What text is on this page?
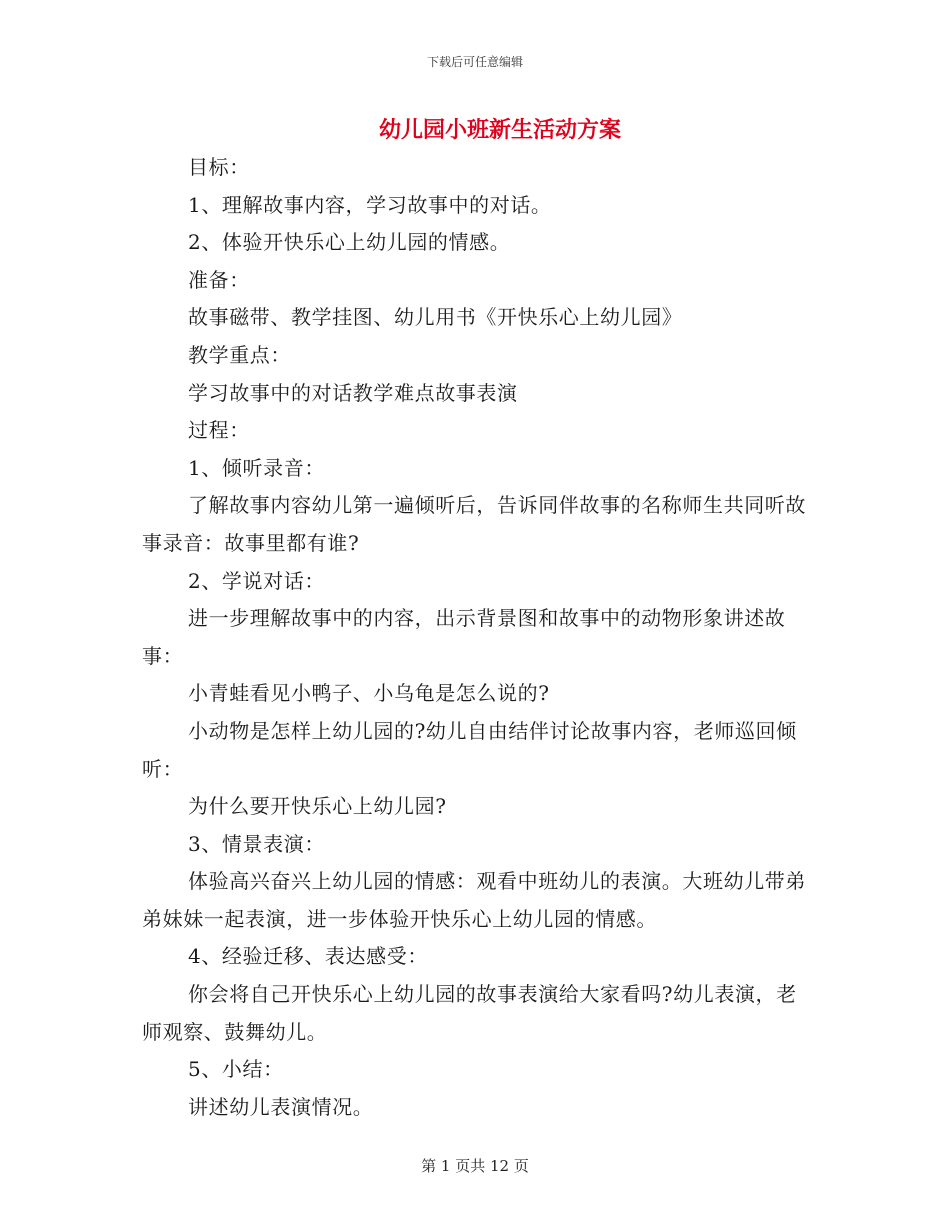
下载后可任意编辑
幼儿园小班新生活动方案

目标：

1、理解故事内容，学习故事中的对话。

2、体验开快乐心上幼儿园的情感。

准备：

故事磁带、教学挂图、幼儿用书《开快乐心上幼儿园》

教学重点：

学习故事中的对话教学难点故事表演

过程：

1、倾听录音：

了解故事内容幼儿第一遍倾听后，告诉同伴故事的名称师生共同听故事录音：故事里都有谁?

2、学说对话：

进一步理解故事中的内容，出示背景图和故事中的动物形象讲述故事：

小青蛙看见小鸭子、小乌龟是怎么说的?

小动物是怎样上幼儿园的?幼儿自由结伴讨论故事内容，老师巡回倾听：

为什么要开快乐心上幼儿园?

3、情景表演：

体验高兴奋兴上幼儿园的情感：观看中班幼儿的表演。大班幼儿带弟弟妹妹一起表演，进一步体验开快乐心上幼儿园的情感。

4、经验迁移、表达感受：

你会将自己开快乐心上幼儿园的故事表演给大家看吗?幼儿表演，老师观察、鼓舞幼儿。

5、小结：

讲述幼儿表演情况。

第 1 页共 12 页
